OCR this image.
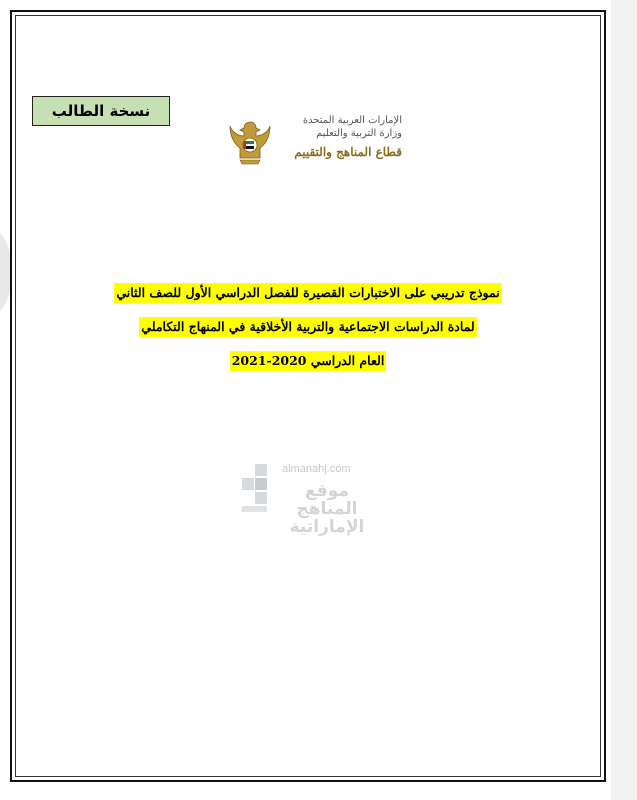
نسخة الطالب
الإمارات العربية المتحدة
وزارة التربية والتعليم
قطاع المناهج والتقييم
نموذج تدريبي على الاختبارات القصيرة للفصل الدراسي الأول للصف الثاني
لمادة الدراسات الاجتماعية والتربية الأخلاقية في المنهاج التكاملي
العام الدراسي 2020-2021
almanahj.com
موقع المناهج الإماراتية
